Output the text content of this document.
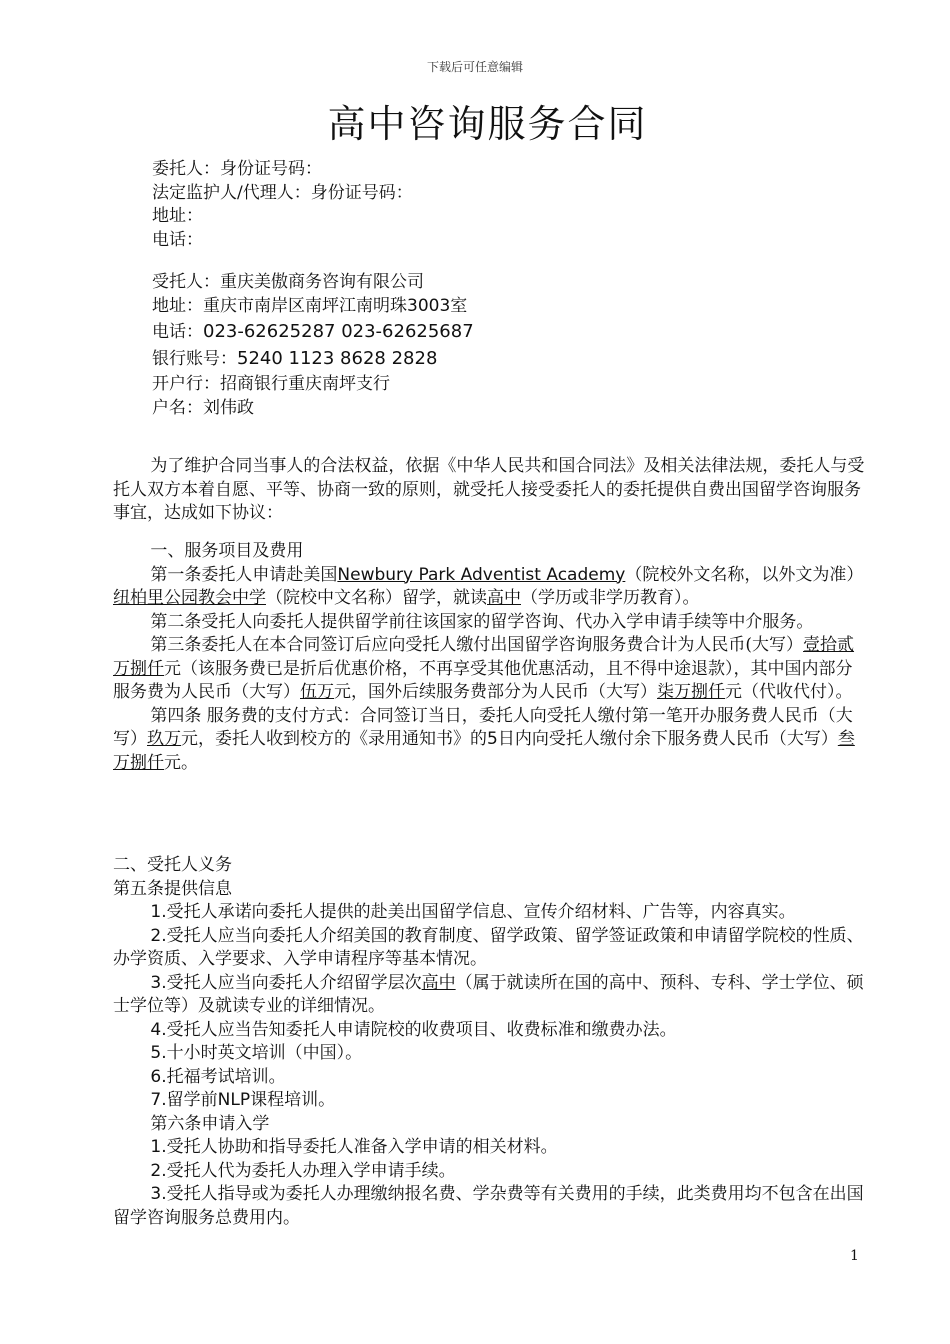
下载后可任意编辑
高中咨询服务合同
委托人：身份证号码：
法定监护人/代理人：身份证号码：
地址：
电话：
受托人：重庆美傲商务咨询有限公司
地址：重庆市南岸区南坪江南明珠3003室
电话：023-62625287 023-62625687
银行账号：5240 1123 8628 2828
开户行：招商银行重庆南坪支行
户名：刘伟政

为了维护合同当事人的合法权益，依据《中华人民共和国合同法》及相关法律法规，委托人与受托人双方本着自愿、平等、协商一致的原则，就受托人接受委托人的委托提供自费出国留学咨询服务事宜，达成如下协议：

一、服务项目及费用

第一条委托人申请赴美国Newbury Park Adventist Academy（院校外文名称，以外文为准）纽柏里公园教会中学（院校中文名称）留学，就读高中（学历或非学历教育）。

第二条受托人向委托人提供留学前往该国家的留学咨询、代办入学申请手续等中介服务。

第三条委托人在本合同签订后应向受托人缴付出国留学咨询服务费合计为人民币(大写）壹拾贰万捌仟元（该服务费已是折后优惠价格，不再享受其他优惠活动，且不得中途退款），其中国内部分服务费为人民币（大写）伍万元，国外后续服务费部分为人民币（大写）柒万捌仟元（代收代付）。

第四条 服务费的支付方式：合同签订当日，委托人向受托人缴付第一笔开办服务费人民币（大写）玖万元，委托人收到校方的《录用通知书》的5日内向受托人缴付余下服务费人民币（大写）叁万捌仟元。

二、受托人义务

第五条提供信息

1.受托人承诺向委托人提供的赴美出国留学信息、宣传介绍材料、广告等，内容真实。

2.受托人应当向委托人介绍美国的教育制度、留学政策、留学签证政策和申请留学院校的性质、办学资质、入学要求、入学申请程序等基本情况。

3.受托人应当向委托人介绍留学层次高中（属于就读所在国的高中、预科、专科、学士学位、硕士学位等）及就读专业的详细情况。

4.受托人应当告知委托人申请院校的收费项目、收费标准和缴费办法。

5.十小时英文培训（中国）。

6.托福考试培训。

7.留学前NLP课程培训。

第六条申请入学

1.受托人协助和指导委托人准备入学申请的相关材料。

2.受托人代为委托人办理入学申请手续。

3.受托人指导或为委托人办理缴纳报名费、学杂费等有关费用的手续，此类费用均不包含在出国留学咨询服务总费用内。

1
